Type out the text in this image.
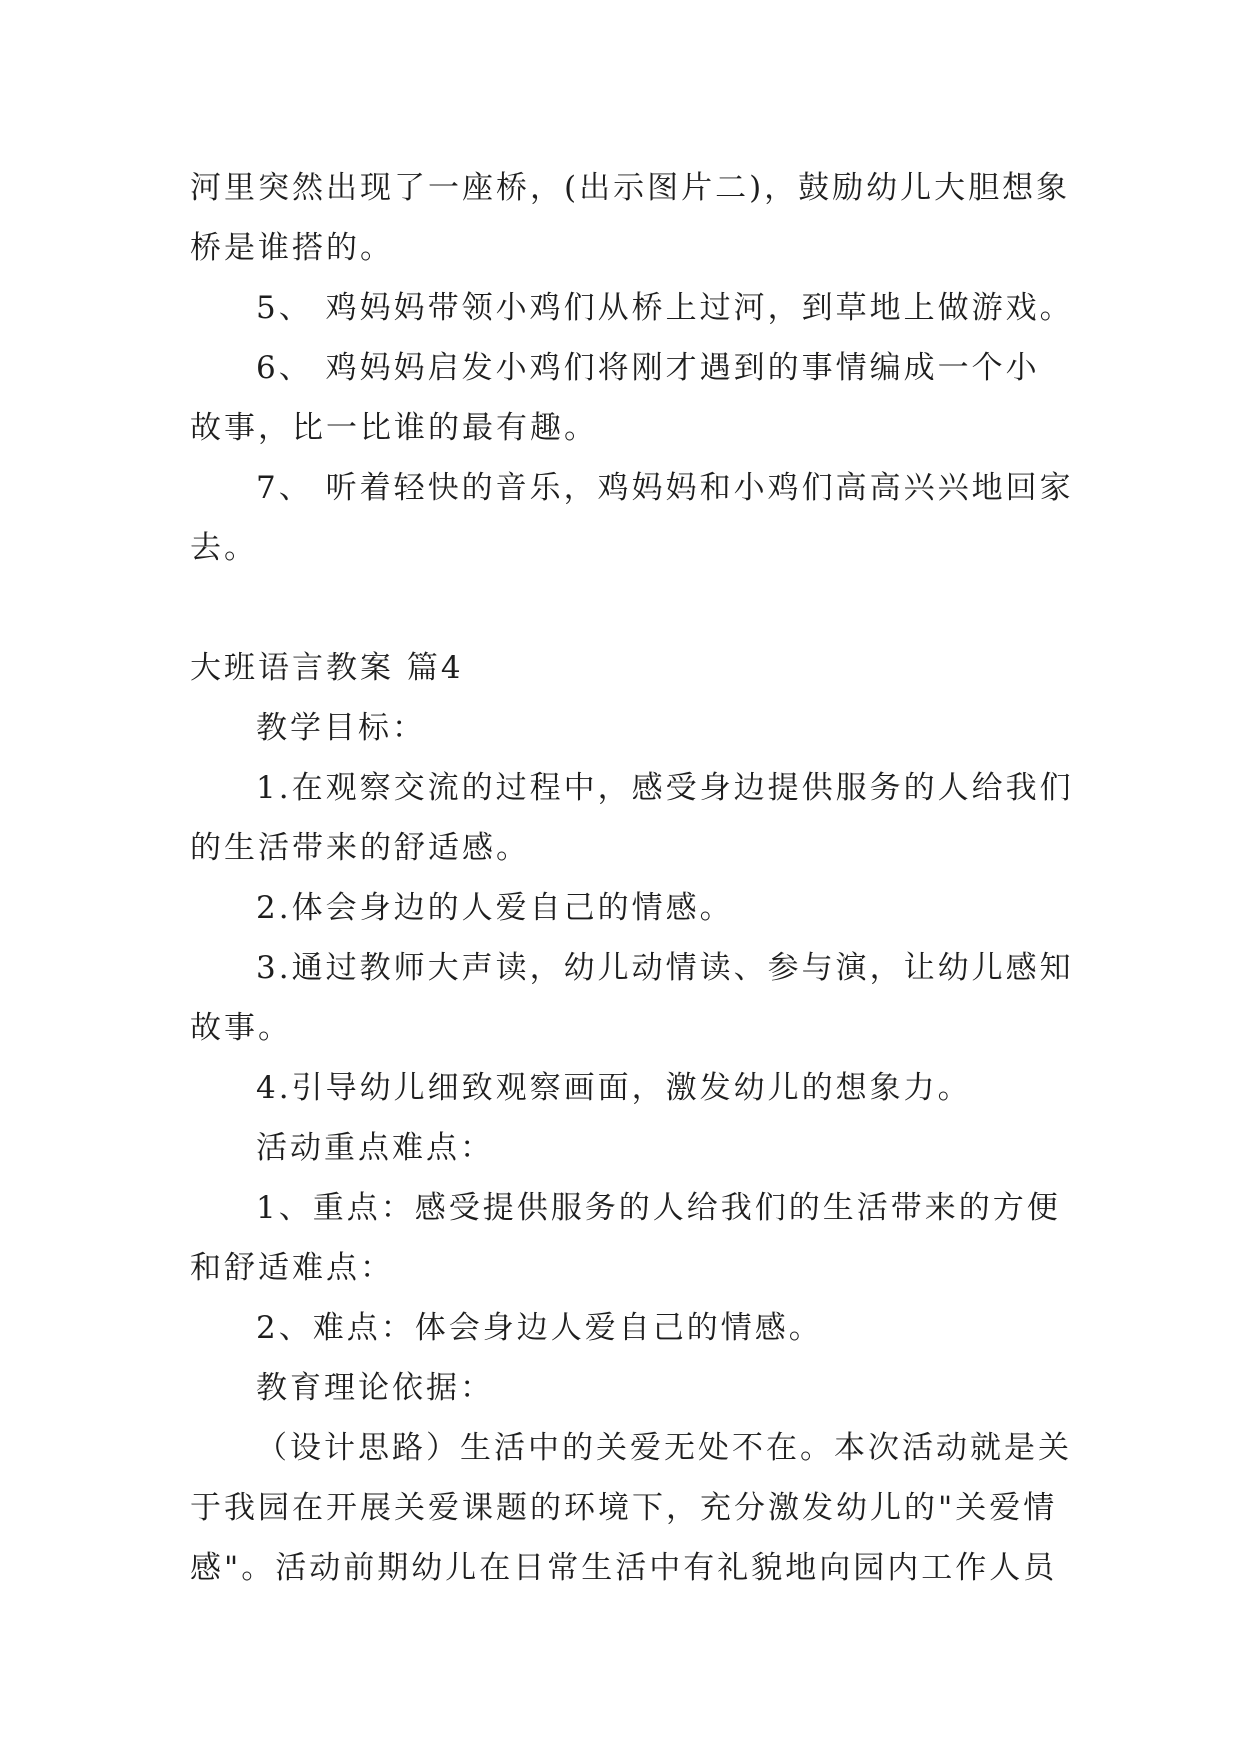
河里突然出现了一座桥，(出示图片二)，鼓励幼儿大胆想象
桥是谁搭的。
5、 鸡妈妈带领小鸡们从桥上过河，到草地上做游戏。
6、 鸡妈妈启发小鸡们将刚才遇到的事情编成一个小
故事，比一比谁的最有趣。
7、 听着轻快的音乐，鸡妈妈和小鸡们高高兴兴地回家
去。
大班语言教案 篇4
教学目标：
1.在观察交流的过程中，感受身边提供服务的人给我们
的生活带来的舒适感。
2.体会身边的人爱自己的情感。
3.通过教师大声读，幼儿动情读、参与演，让幼儿感知
故事。
4.引导幼儿细致观察画面，激发幼儿的想象力。
活动重点难点：
1、重点：感受提供服务的人给我们的生活带来的方便
和舒适难点：
2、难点：体会身边人爱自己的情感。
教育理论依据：
（设计思路）生活中的关爱无处不在。本次活动就是关
于我园在开展关爱课题的环境下，充分激发幼儿的"关爱情
感"。活动前期幼儿在日常生活中有礼貌地向园内工作人员
